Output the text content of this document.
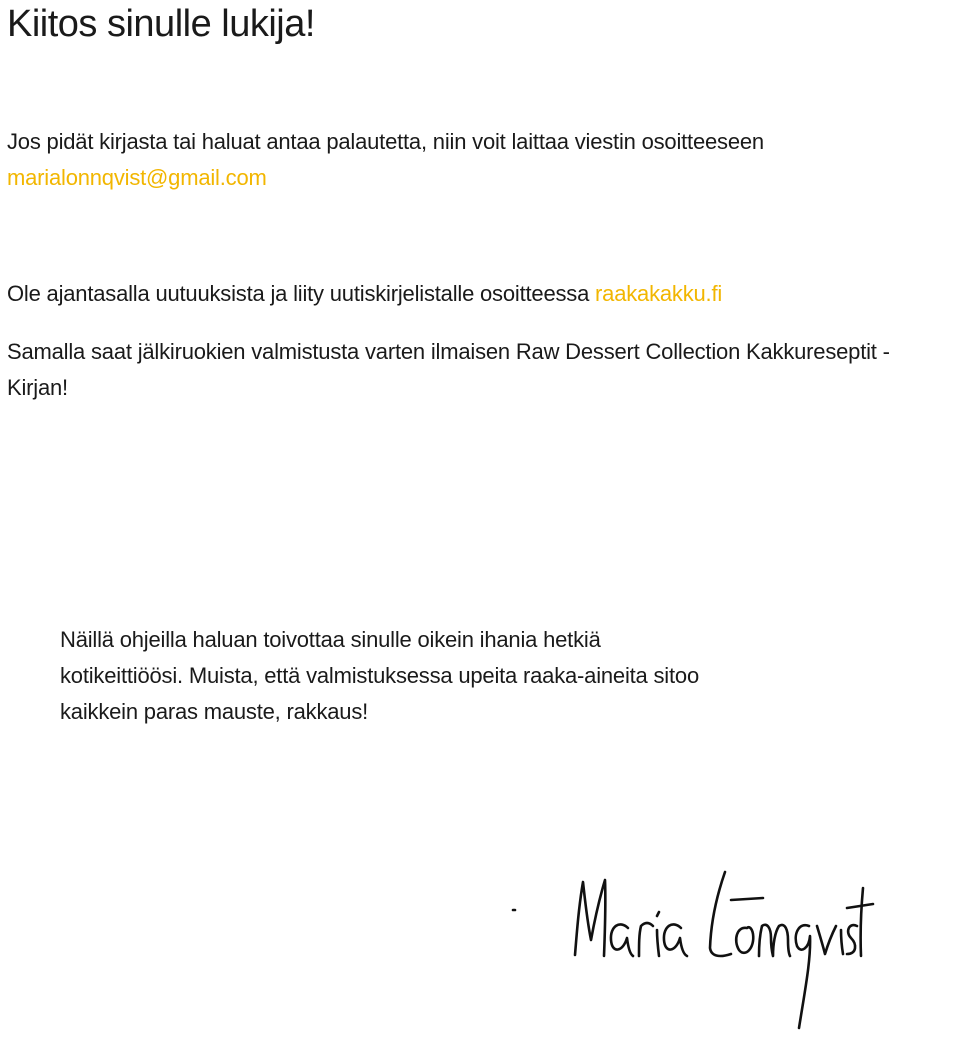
Kiitos sinulle lukija!

Jos pidät kirjasta tai haluat antaa palautetta, niin voit laittaa viestin osoitteeseen
marialonnqvist@gmail.com

Ole ajantasalla uutuuksista ja liity uutiskirjelistalle osoitteessa raakakakku.fi

Samalla saat jälkiruokien valmistusta varten ilmaisen Raw Dessert Collection Kakkureseptit - Kirjan!

Näillä ohjeilla haluan toivottaa sinulle oikein ihania hetkiä kotikeittiöösi. Muista, että valmistuksessa upeita raaka-aineita sitoo kaikkein paras mauste, rakkaus!
